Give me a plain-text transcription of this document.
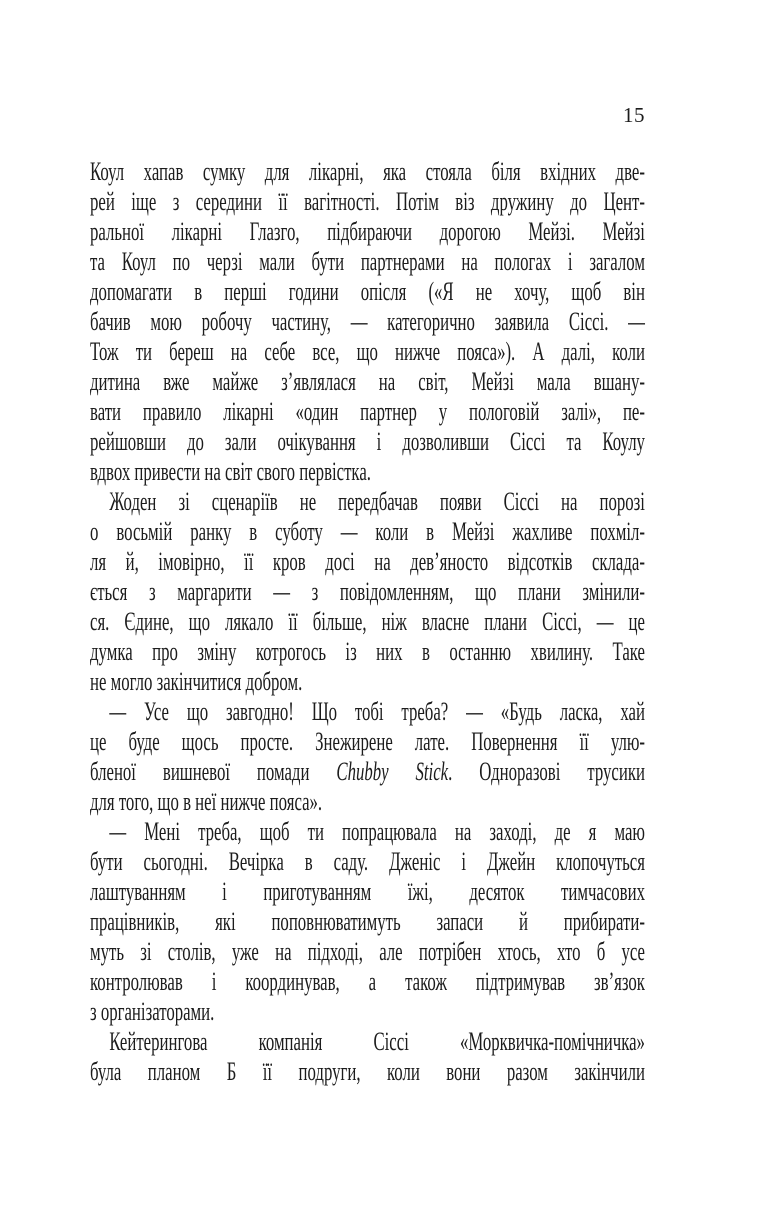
15
Коул хапав сумку для лікарні, яка стояла біля вхідних две-
рей іще з середини її вагітності. Потім віз дружину до Цент-
ральної лікарні Глазго, підбираючи дорогою Мейзі. Мейзі
та Коул по черзі мали бути партнерами на пологах і загалом
допомагати в перші години опісля («Я не хочу, щоб він
бачив мою робочу частину, — категорично заявила Сіссі. —
Тож ти береш на себе все, що нижче пояса»). А далі, коли
дитина вже майже з’являлася на світ, Мейзі мала вшану-
вати правило лікарні «один партнер у пологовій залі», пе-
рейшовши до зали очікування і дозволивши Сіссі та Коулу
вдвох привести на світ свого первістка.
Жоден зі сценаріїв не передбачав появи Сіссі на порозі
о восьмій ранку в суботу — коли в Мейзі жахливе похміл-
ля й, імовірно, її кров досі на дев’яносто відсотків склада-
ється з маргарити — з повідомленням, що плани змінили-
ся. Єдине, що лякало її більше, ніж власне плани Сіссі, — це
думка про зміну котрогось із них в останню хвилину. Таке
не могло закінчитися добром.
— Усе що завгодно! Що тобі треба? — «Будь ласка, хай
це буде щось просте. Знежирене лате. Повернення її улю-
бленої вишневої помади Chubby Stick. Одноразові трусики
для того, що в неї нижче пояса».
— Мені треба, щоб ти попрацювала на заході, де я маю
бути сьогодні. Вечірка в саду. Дженіс і Джейн клопочуться
лаштуванням і приготуванням їжі, десяток тимчасових
працівників, які поповнюватимуть запаси й прибирати-
муть зі столів, уже на підході, але потрібен хтось, хто б усе
контролював і координував, а також підтримував зв’язок
з організаторами.
Кейтерингова компанія Сіссі «Морквичка-помічничка»
була планом Б її подруги, коли вони разом закінчили
